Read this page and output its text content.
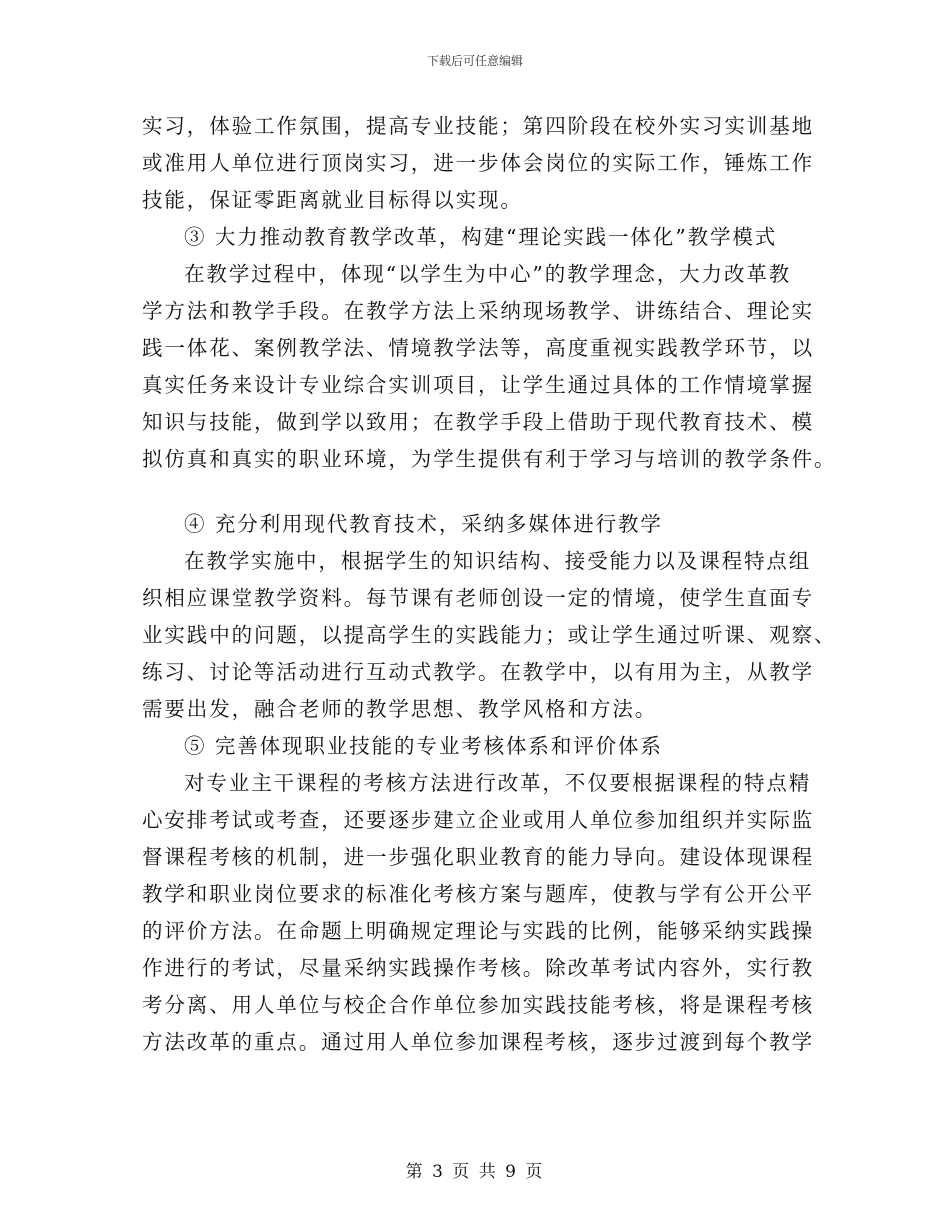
下载后可任意编辑
实习，体验工作氛围，提高专业技能；第四阶段在校外实习实训基地
或准用人单位进行顶岗实习，进一步体会岗位的实际工作，锤炼工作
技能，保证零距离就业目标得以实现。
③ 大力推动教育教学改革，构建“理论实践一体化”教学模式
在教学过程中，体现“以学生为中心”的教学理念，大力改革教
学方法和教学手段。在教学方法上采纳现场教学、讲练结合、理论实
践一体花、案例教学法、情境教学法等，高度重视实践教学环节，以
真实任务来设计专业综合实训项目，让学生通过具体的工作情境掌握
知识与技能，做到学以致用；在教学手段上借助于现代教育技术、模
拟仿真和真实的职业环境，为学生提供有利于学习与培训的教学条件。
④ 充分利用现代教育技术，采纳多媒体进行教学
在教学实施中，根据学生的知识结构、接受能力以及课程特点组
织相应课堂教学资料。每节课有老师创设一定的情境，使学生直面专
业实践中的问题，以提高学生的实践能力；或让学生通过听课、观察、
练习、讨论等活动进行互动式教学。在教学中，以有用为主，从教学
需要出发，融合老师的教学思想、教学风格和方法。
⑤ 完善体现职业技能的专业考核体系和评价体系
对专业主干课程的考核方法进行改革，不仅要根据课程的特点精
心安排考试或考查，还要逐步建立企业或用人单位参加组织并实际监
督课程考核的机制，进一步强化职业教育的能力导向。建设体现课程
教学和职业岗位要求的标准化考核方案与题库，使教与学有公开公平
的评价方法。在命题上明确规定理论与实践的比例，能够采纳实践操
作进行的考试，尽量采纳实践操作考核。除改革考试内容外，实行教
考分离、用人单位与校企合作单位参加实践技能考核，将是课程考核
方法改革的重点。通过用人单位参加课程考核，逐步过渡到每个教学
第 3 页 共 9 页
